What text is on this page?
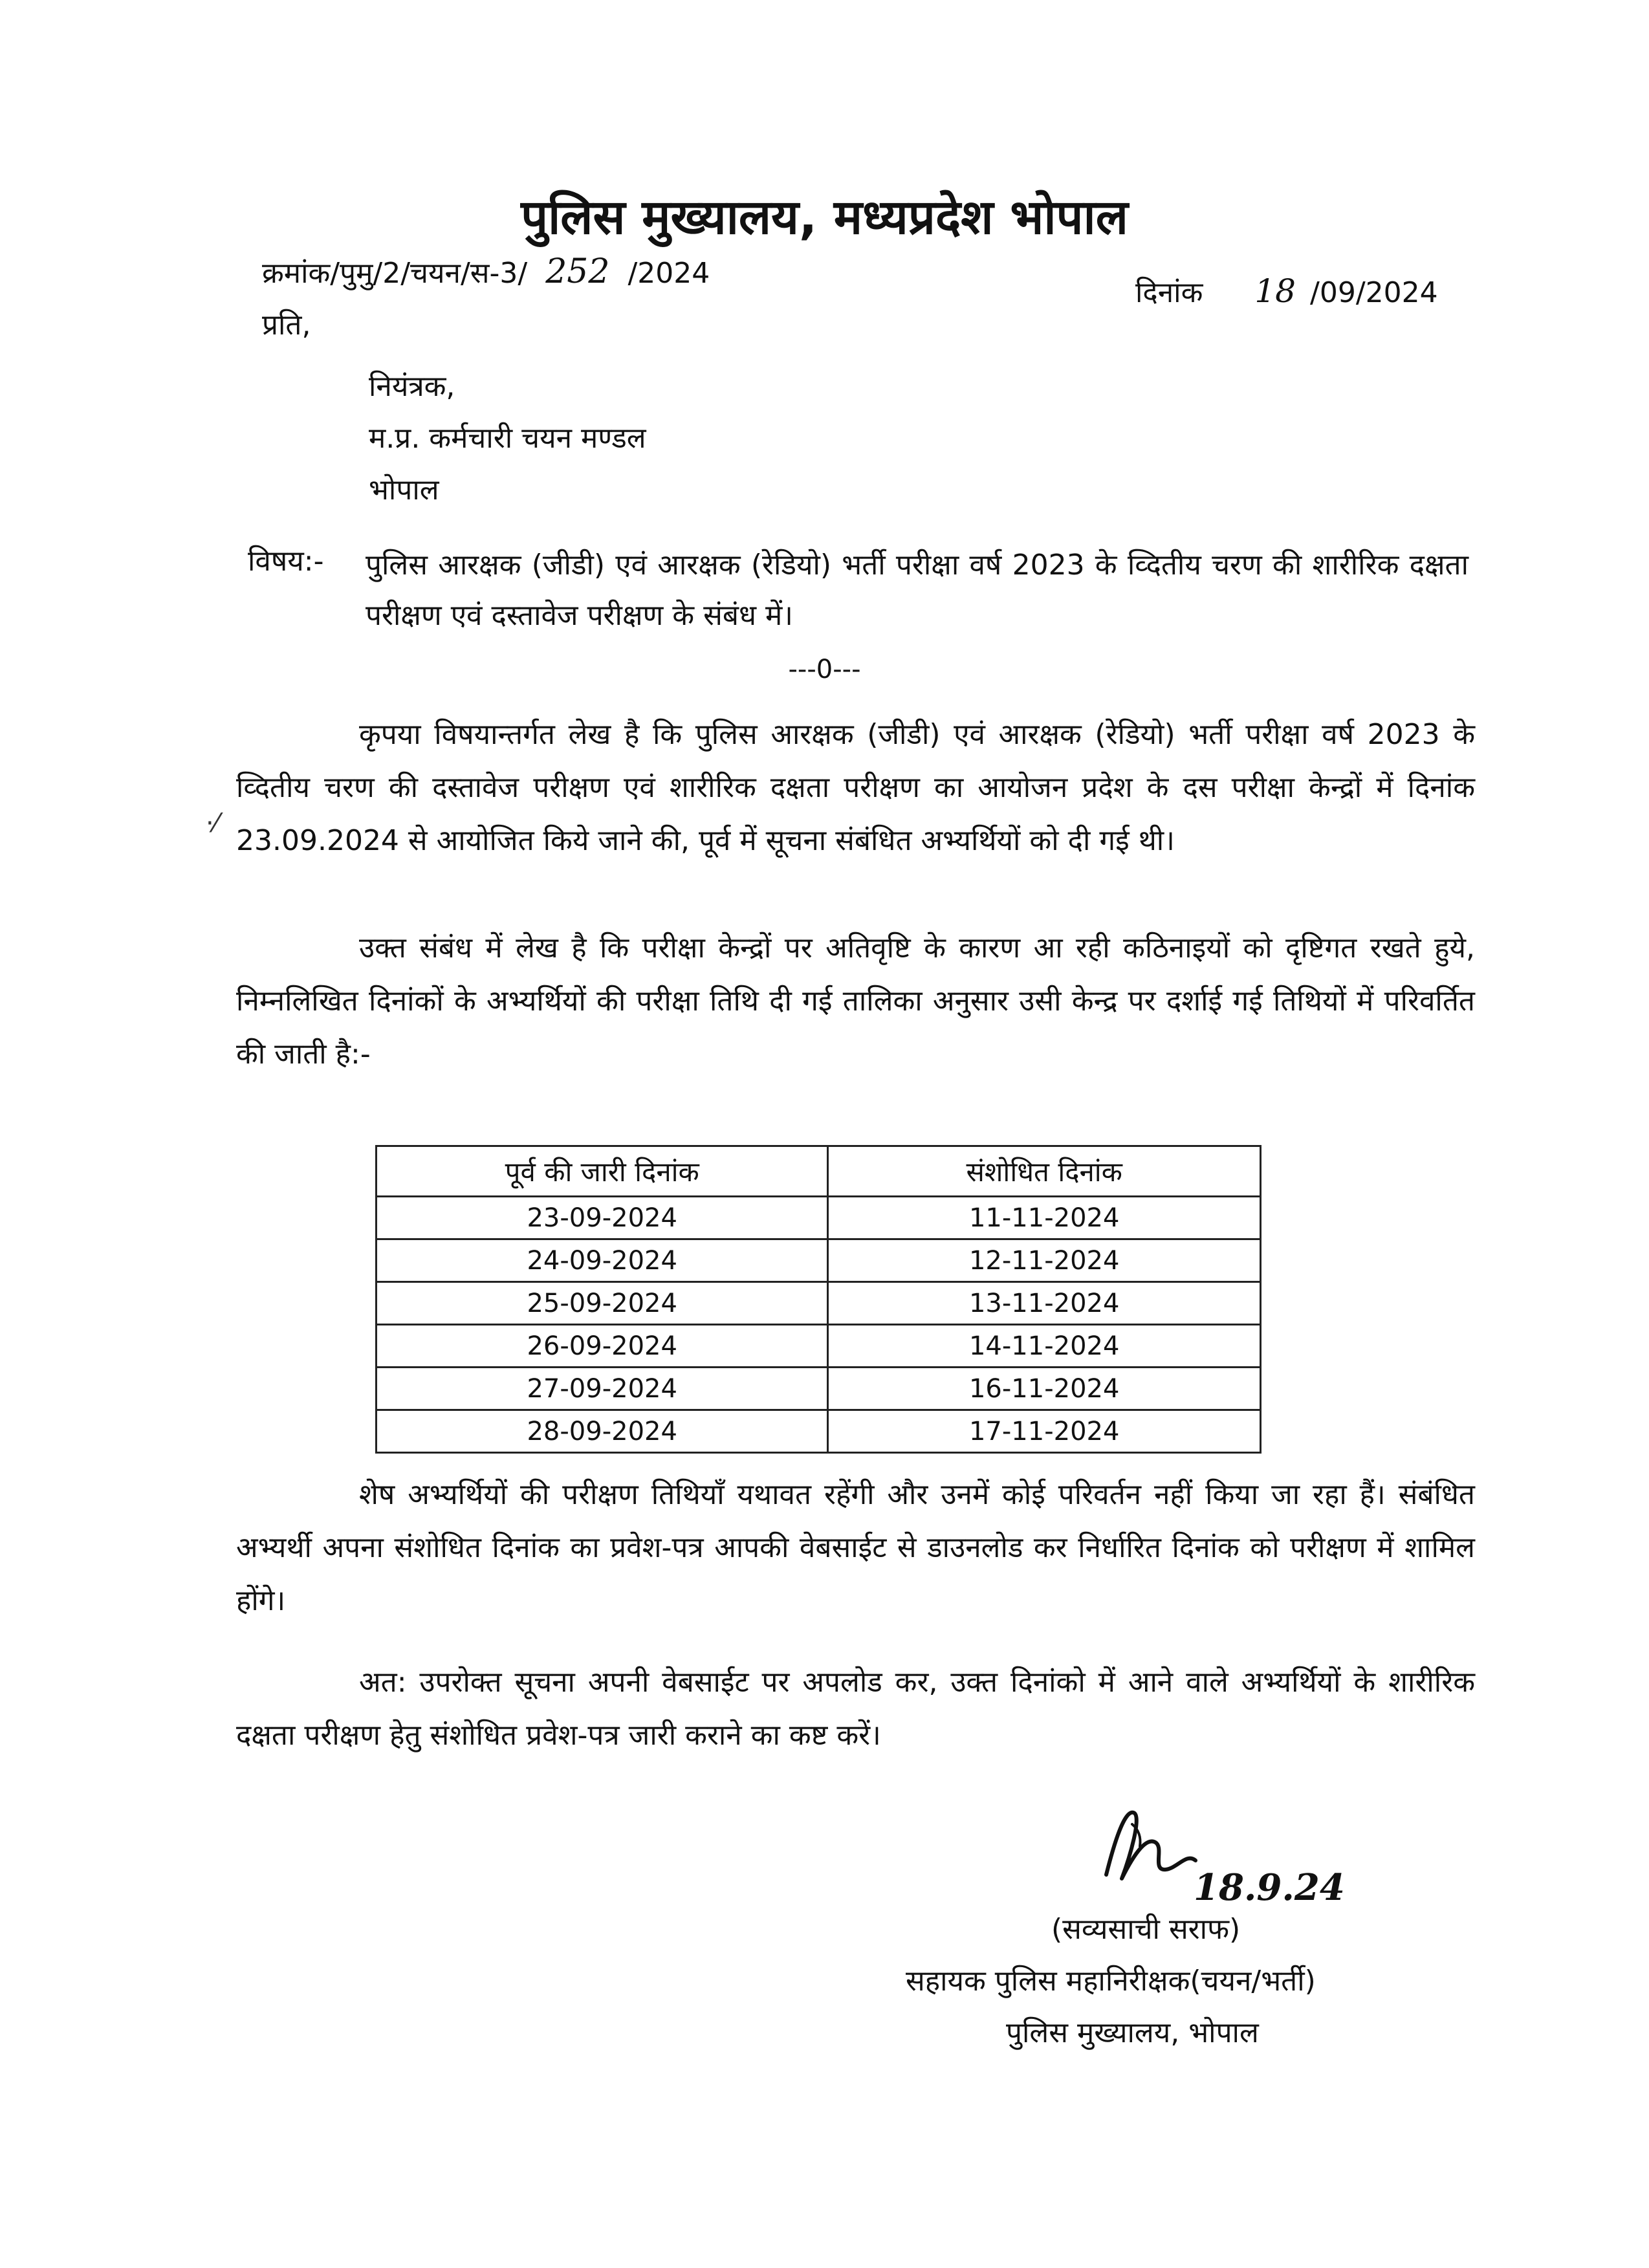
पुलिस मुख्यालय, मध्यप्रदेश भोपाल
क्रमांक/पुमु/2/चयन/स-3/ 252 /2024
दिनांक 18 /09/2024
प्रति,
नियंत्रक,
म.प्र. कर्मचारी चयन मण्डल
भोपाल
विषय:- पुलिस आरक्षक (जीडी) एवं आरक्षक (रेडियो) भर्ती परीक्षा वर्ष 2023 के व्दितीय चरण की शारीरिक दक्षता परीक्षण एवं दस्तावेज परीक्षण के संबंध में।
---0---
·⁄
कृपया विषयान्तर्गत लेख है कि पुलिस आरक्षक (जीडी) एवं आरक्षक (रेडियो) भर्ती परीक्षा वर्ष 2023 के व्दितीय चरण की दस्तावेज परीक्षण एवं शारीरिक दक्षता परीक्षण का आयोजन प्रदेश के दस परीक्षा केन्द्रों में दिनांक 23.09.2024 से आयोजित किये जाने की, पूर्व में सूचना संबंधित अभ्यर्थियों को दी गई थी।
उक्त संबंध में लेख है कि परीक्षा केन्द्रों पर अतिवृष्टि के कारण आ रही कठिनाइयों को दृष्टिगत रखते हुये, निम्नलिखित दिनांकों के अभ्यर्थियों की परीक्षा तिथि दी गई तालिका अनुसार उसी केन्द्र पर दर्शाई गई तिथियों में परिवर्तित की जाती है:-
पूर्व की जारी दिनांक	संशोधित दिनांक
23-09-2024	11-11-2024
24-09-2024	12-11-2024
25-09-2024	13-11-2024
26-09-2024	14-11-2024
27-09-2024	16-11-2024
28-09-2024	17-11-2024
शेष अभ्यर्थियों की परीक्षण तिथियाँ यथावत रहेंगी और उनमें कोई परिवर्तन नहीं किया जा रहा हैं। संबंधित अभ्यर्थी अपना संशोधित दिनांक का प्रवेश-पत्र आपकी वेबसाईट से डाउनलोड कर निर्धारित दिनांक को परीक्षण में शामिल होंगे।
अत: उपरोक्त सूचना अपनी वेबसाईट पर अपलोड कर, उक्त दिनांको में आने वाले अभ्यर्थियों के शारीरिक दक्षता परीक्षण हेतु संशोधित प्रवेश-पत्र जारी कराने का कष्ट करें।
18.9.24
(सव्यसाची सराफ)
सहायक पुलिस महानिरीक्षक(चयन/भर्ती)
पुलिस मुख्यालय, भोपाल
